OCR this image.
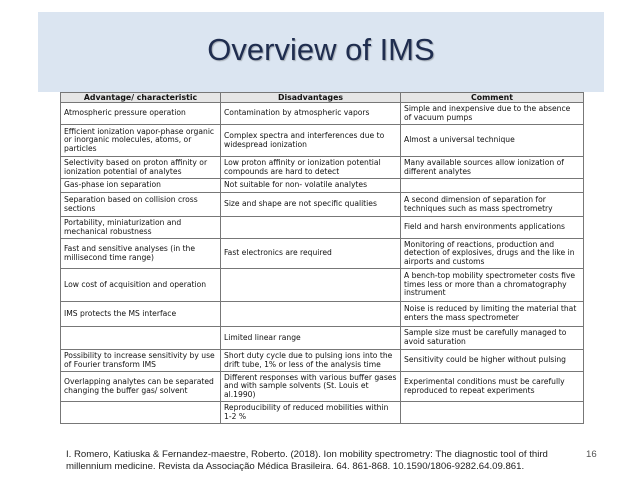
Overview of IMS
Advantage/ characteristic	Disadvantages	Comment
Atmospheric pressure operation	Contamination by atmospheric vapors	Simple and inexpensive due to the absence of vacuum pumps
Efficient ionization vapor-phase organic or inorganic molecules, atoms, or particles	Complex spectra and interferences due to widespread ionization	Almost a universal technique
Selectivity based on proton affinity or ionization potential of analytes	Low proton affinity or ionization potential compounds are hard to detect	Many available sources allow ionization of different analytes
Gas-phase ion separation	Not suitable for non- volatile analytes	
Separation based on collision cross sections	Size and shape are not specific qualities	A second dimension of separation for techniques such as mass spectrometry
Portability, miniaturization and mechanical robustness		Field and harsh environments applications
Fast and sensitive analyses (in the millisecond time range)	Fast electronics are required	Monitoring of reactions, production and detection of explosives, drugs and the like in airports and customs
Low cost of acquisition and operation		A bench-top mobility spectrometer costs five times less or more than a chromatography instrument
IMS protects the MS interface		Noise is reduced by limiting the material that enters the mass spectrometer
	Limited linear range	Sample size must be carefully managed to avoid saturation
Possibility to increase sensitivity by use of Fourier transform IMS	Short duty cycle due to pulsing ions into the drift tube, 1% or less of the analysis time	Sensitivity could be higher without pulsing
Overlapping analytes can be separated changing the buffer gas/ solvent	Different responses with various buffer gases and with sample solvents (St. Louis et al.1990)	Experimental conditions must be carefully reproduced to repeat experiments
	Reproducibility of reduced mobilities within 1-2 %	
I. Romero, Katiuska & Fernandez-maestre, Roberto. (2018). Ion mobility spectrometry: The diagnostic tool of third
millennium medicine. Revista da Associação Médica Brasileira. 64. 861-868. 10.1590/1806-9282.64.09.861.
16
